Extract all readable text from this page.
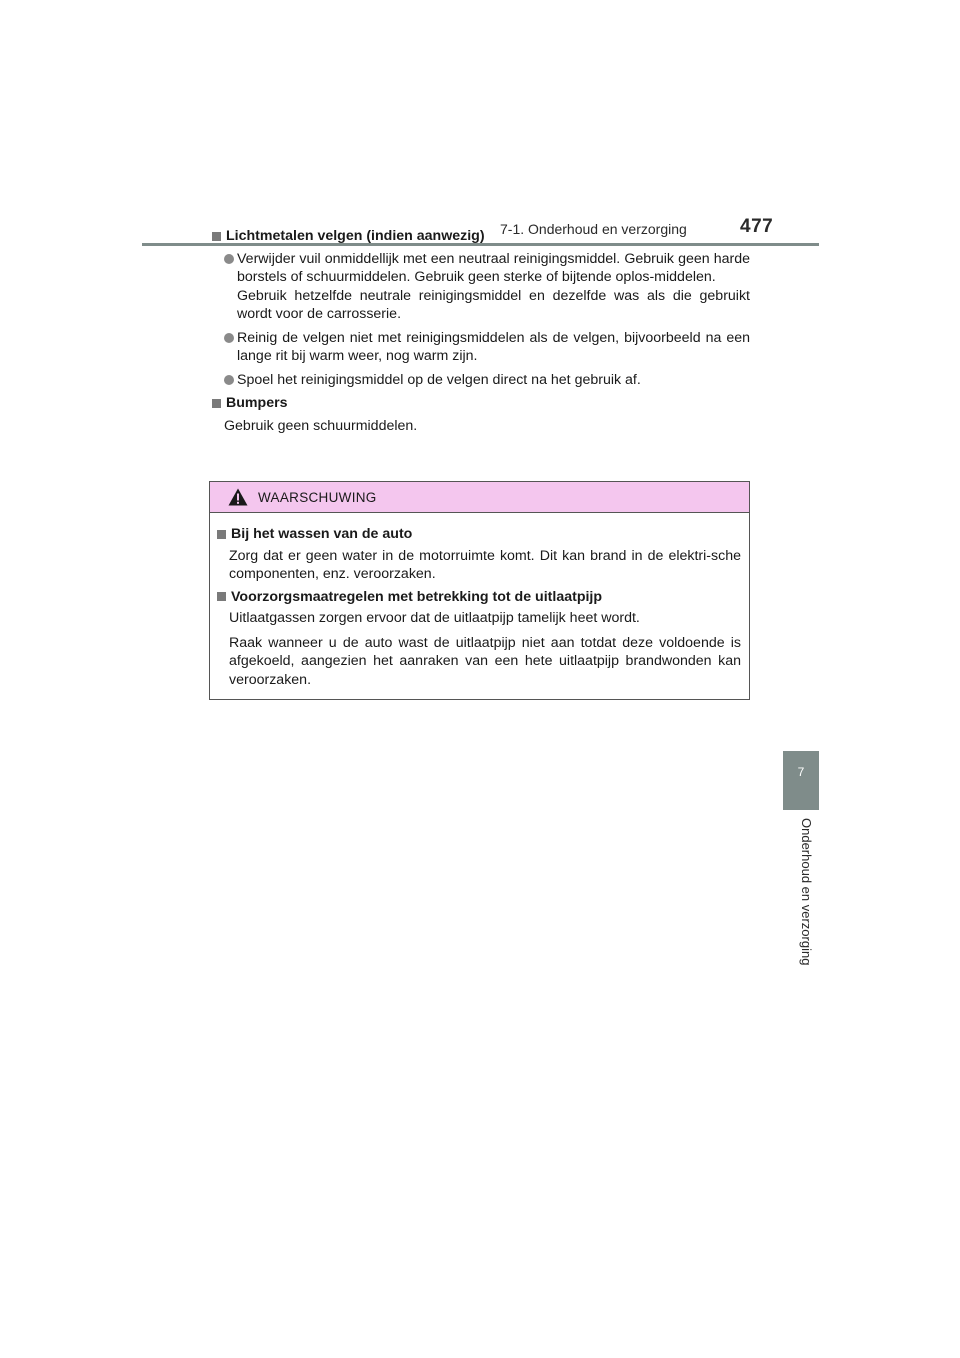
7-1. Onderhoud en verzorging	477
7
Onderhoud en verzorging
Lichtmetalen velgen (indien aanwezig)
Verwijder vuil onmiddellijk met een neutraal reinigingsmiddel. Gebruik geen harde borstels of schuurmiddelen. Gebruik geen sterke of bijtende oplos-middelen.
Gebruik hetzelfde neutrale reinigingsmiddel en dezelfde was als die gebruikt wordt voor de carrosserie.
Reinig de velgen niet met reinigingsmiddelen als de velgen, bijvoorbeeld na een lange rit bij warm weer, nog warm zijn.
Spoel het reinigingsmiddel op de velgen direct na het gebruik af.
Bumpers
Gebruik geen schuurmiddelen.
WAARSCHUWING
Bij het wassen van de auto
Zorg dat er geen water in de motorruimte komt. Dit kan brand in de elektri-sche componenten, enz. veroorzaken.
Voorzorgsmaatregelen met betrekking tot de uitlaatpijp
Uitlaatgassen zorgen ervoor dat de uitlaatpijp tamelijk heet wordt.
Raak wanneer u de auto wast de uitlaatpijp niet aan totdat deze voldoende is afgekoeld, aangezien het aanraken van een hete uitlaatpijp brandwonden kan veroorzaken.
